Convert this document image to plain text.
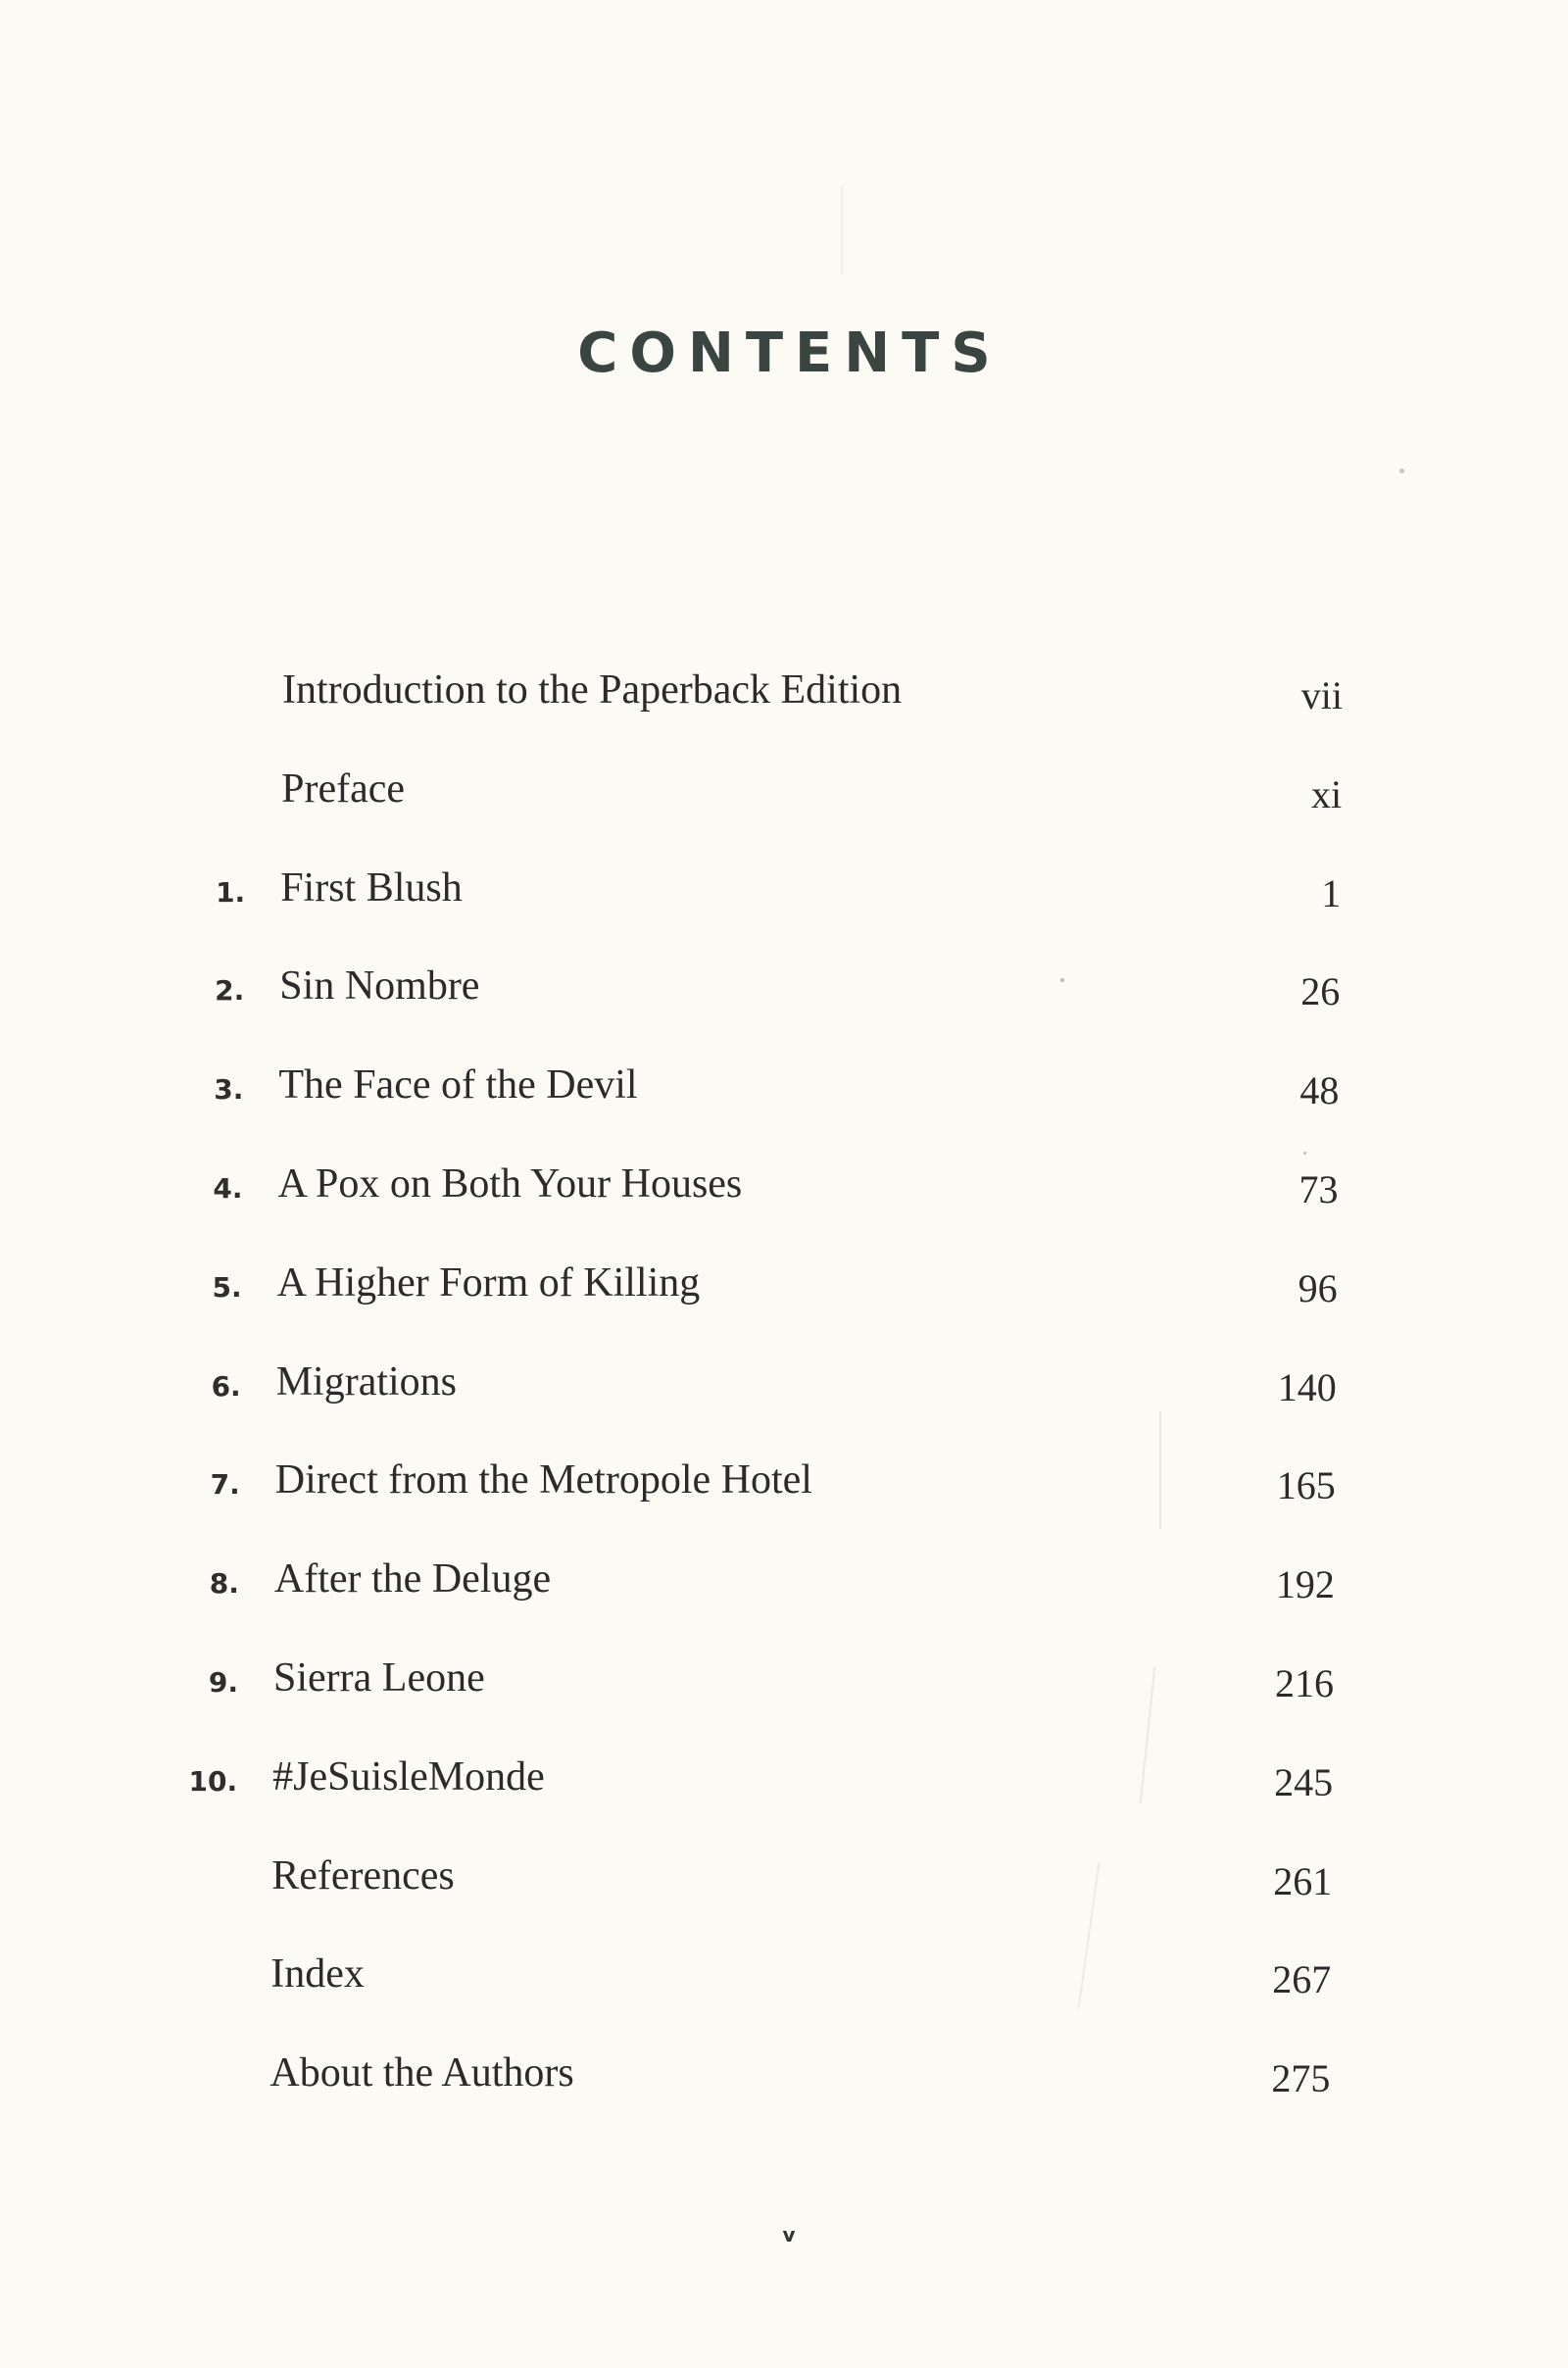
CONTENTS
Introduction to the Paperback Edition	vii
Preface	xi
1. First Blush	1
2. Sin Nombre	26
3. The Face of the Devil	48
4. A Pox on Both Your Houses	73
5. A Higher Form of Killing	96
6. Migrations	140
7. Direct from the Metropole Hotel	165
8. After the Deluge	192
9. Sierra Leone	216
10. #JeSuisleMonde	245
References	261
Index	267
About the Authors	275
v
